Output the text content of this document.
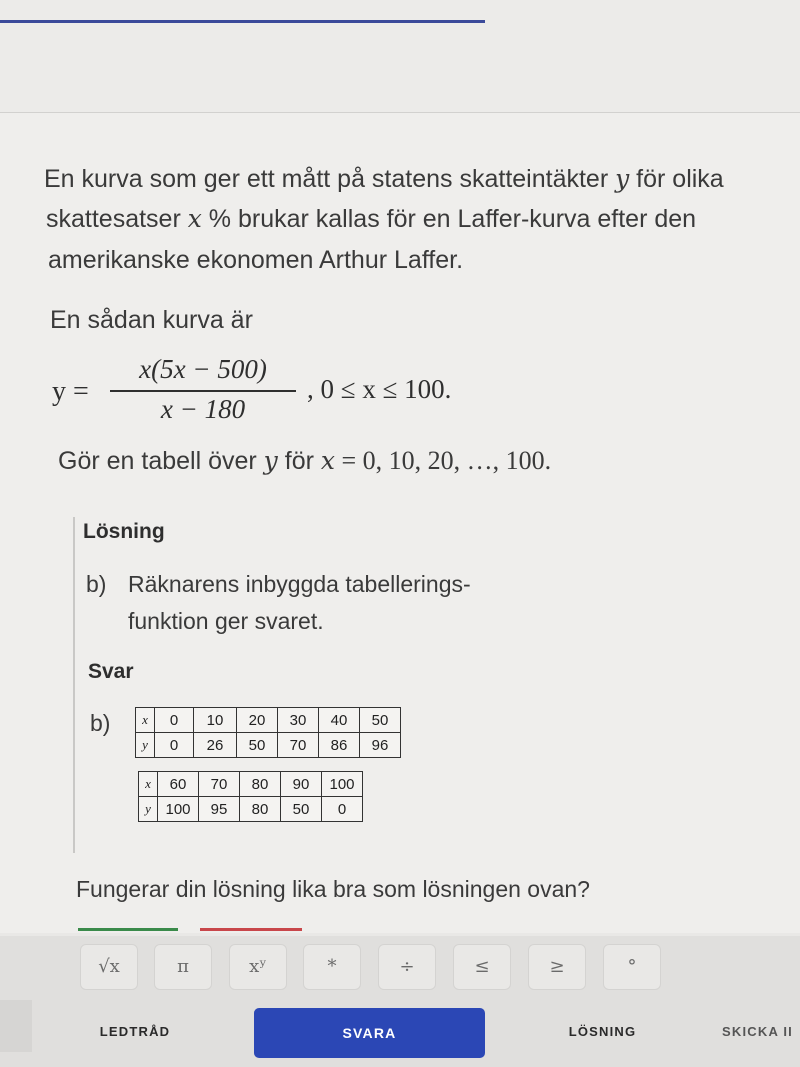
En kurva som ger ett mått på statens skatteintäkter y för olika
skattesatser x % brukar kallas för en Laffer-kurva efter den
amerikanske ekonomen Arthur Laffer.
En sådan kurva är
y =
x(5x − 500)
x − 180
, 0 ≤ x ≤ 100.
Gör en tabell över y för x = 0, 10, 20, …, 100.
Lösning
b) Räknarens inbyggda tabellerings-
funktion ger svaret.
Svar
b) x	0	10	20	30	40	50
y	0	26	50	70	86	96
x	60	70	80	90	100
y	100	95	80	50	0
Fungerar din lösning lika bra som lösningen ovan?
√x	π	xʸ	*	÷	≤	≥	°
LEDTRÅD	SVARA	LÖSNING	SKICKA II
